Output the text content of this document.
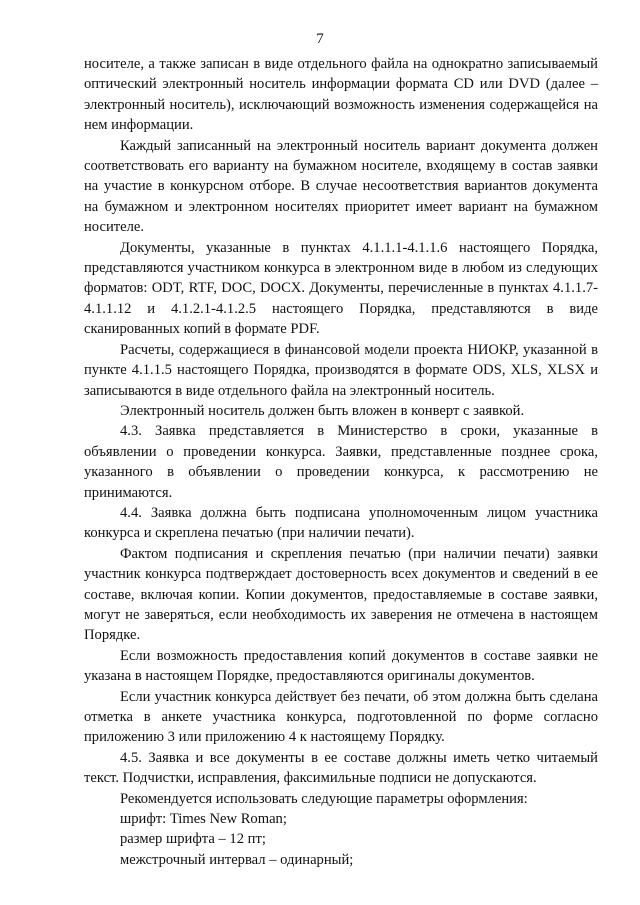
7

носителе, а также записан в виде отдельного файла на однократно записываемый оптический электронный носитель информации формата CD или DVD (далее – электронный носитель), исключающий возможность изменения содержащейся на нем информации.

Каждый записанный на электронный носитель вариант документа должен соответствовать его варианту на бумажном носителе, входящему в состав заявки на участие в конкурсном отборе. В случае несоответствия вариантов документа на бумажном и электронном носителях приоритет имеет вариант на бумажном носителе.

Документы, указанные в пунктах 4.1.1.1-4.1.1.6 настоящего Порядка, представляются участником конкурса в электронном виде в любом из следующих форматов: ODT, RTF, DOC, DOCX. Документы, перечисленные в пунктах 4.1.1.7-4.1.1.12 и 4.1.2.1-4.1.2.5 настоящего Порядка, представляются в виде сканированных копий в формате PDF.

Расчеты, содержащиеся в финансовой модели проекта НИОКР, указанной в пункте 4.1.1.5 настоящего Порядка, производятся в формате ODS, XLS, XLSX и записываются в виде отдельного файла на электронный носитель.

Электронный носитель должен быть вложен в конверт с заявкой.

4.3. Заявка представляется в Министерство в сроки, указанные в объявлении о проведении конкурса. Заявки, представленные позднее срока, указанного в объявлении о проведении конкурса, к рассмотрению не принимаются.

4.4. Заявка должна быть подписана уполномоченным лицом участника конкурса и скреплена печатью (при наличии печати).

Фактом подписания и скрепления печатью (при наличии печати) заявки участник конкурса подтверждает достоверность всех документов и сведений в ее составе, включая копии. Копии документов, предоставляемые в составе заявки, могут не заверяться, если необходимость их заверения не отмечена в настоящем Порядке.

Если возможность предоставления копий документов в составе заявки не указана в настоящем Порядке, предоставляются оригиналы документов.

Если участник конкурса действует без печати, об этом должна быть сделана отметка в анкете участника конкурса, подготовленной по форме согласно приложению 3 или приложению 4 к настоящему Порядку.

4.5. Заявка и все документы в ее составе должны иметь четко читаемый текст. Подчистки, исправления, факсимильные подписи не допускаются.

Рекомендуется использовать следующие параметры оформления:

шрифт: Times New Roman;

размер шрифта – 12 пт;

межстрочный интервал – одинарный;
